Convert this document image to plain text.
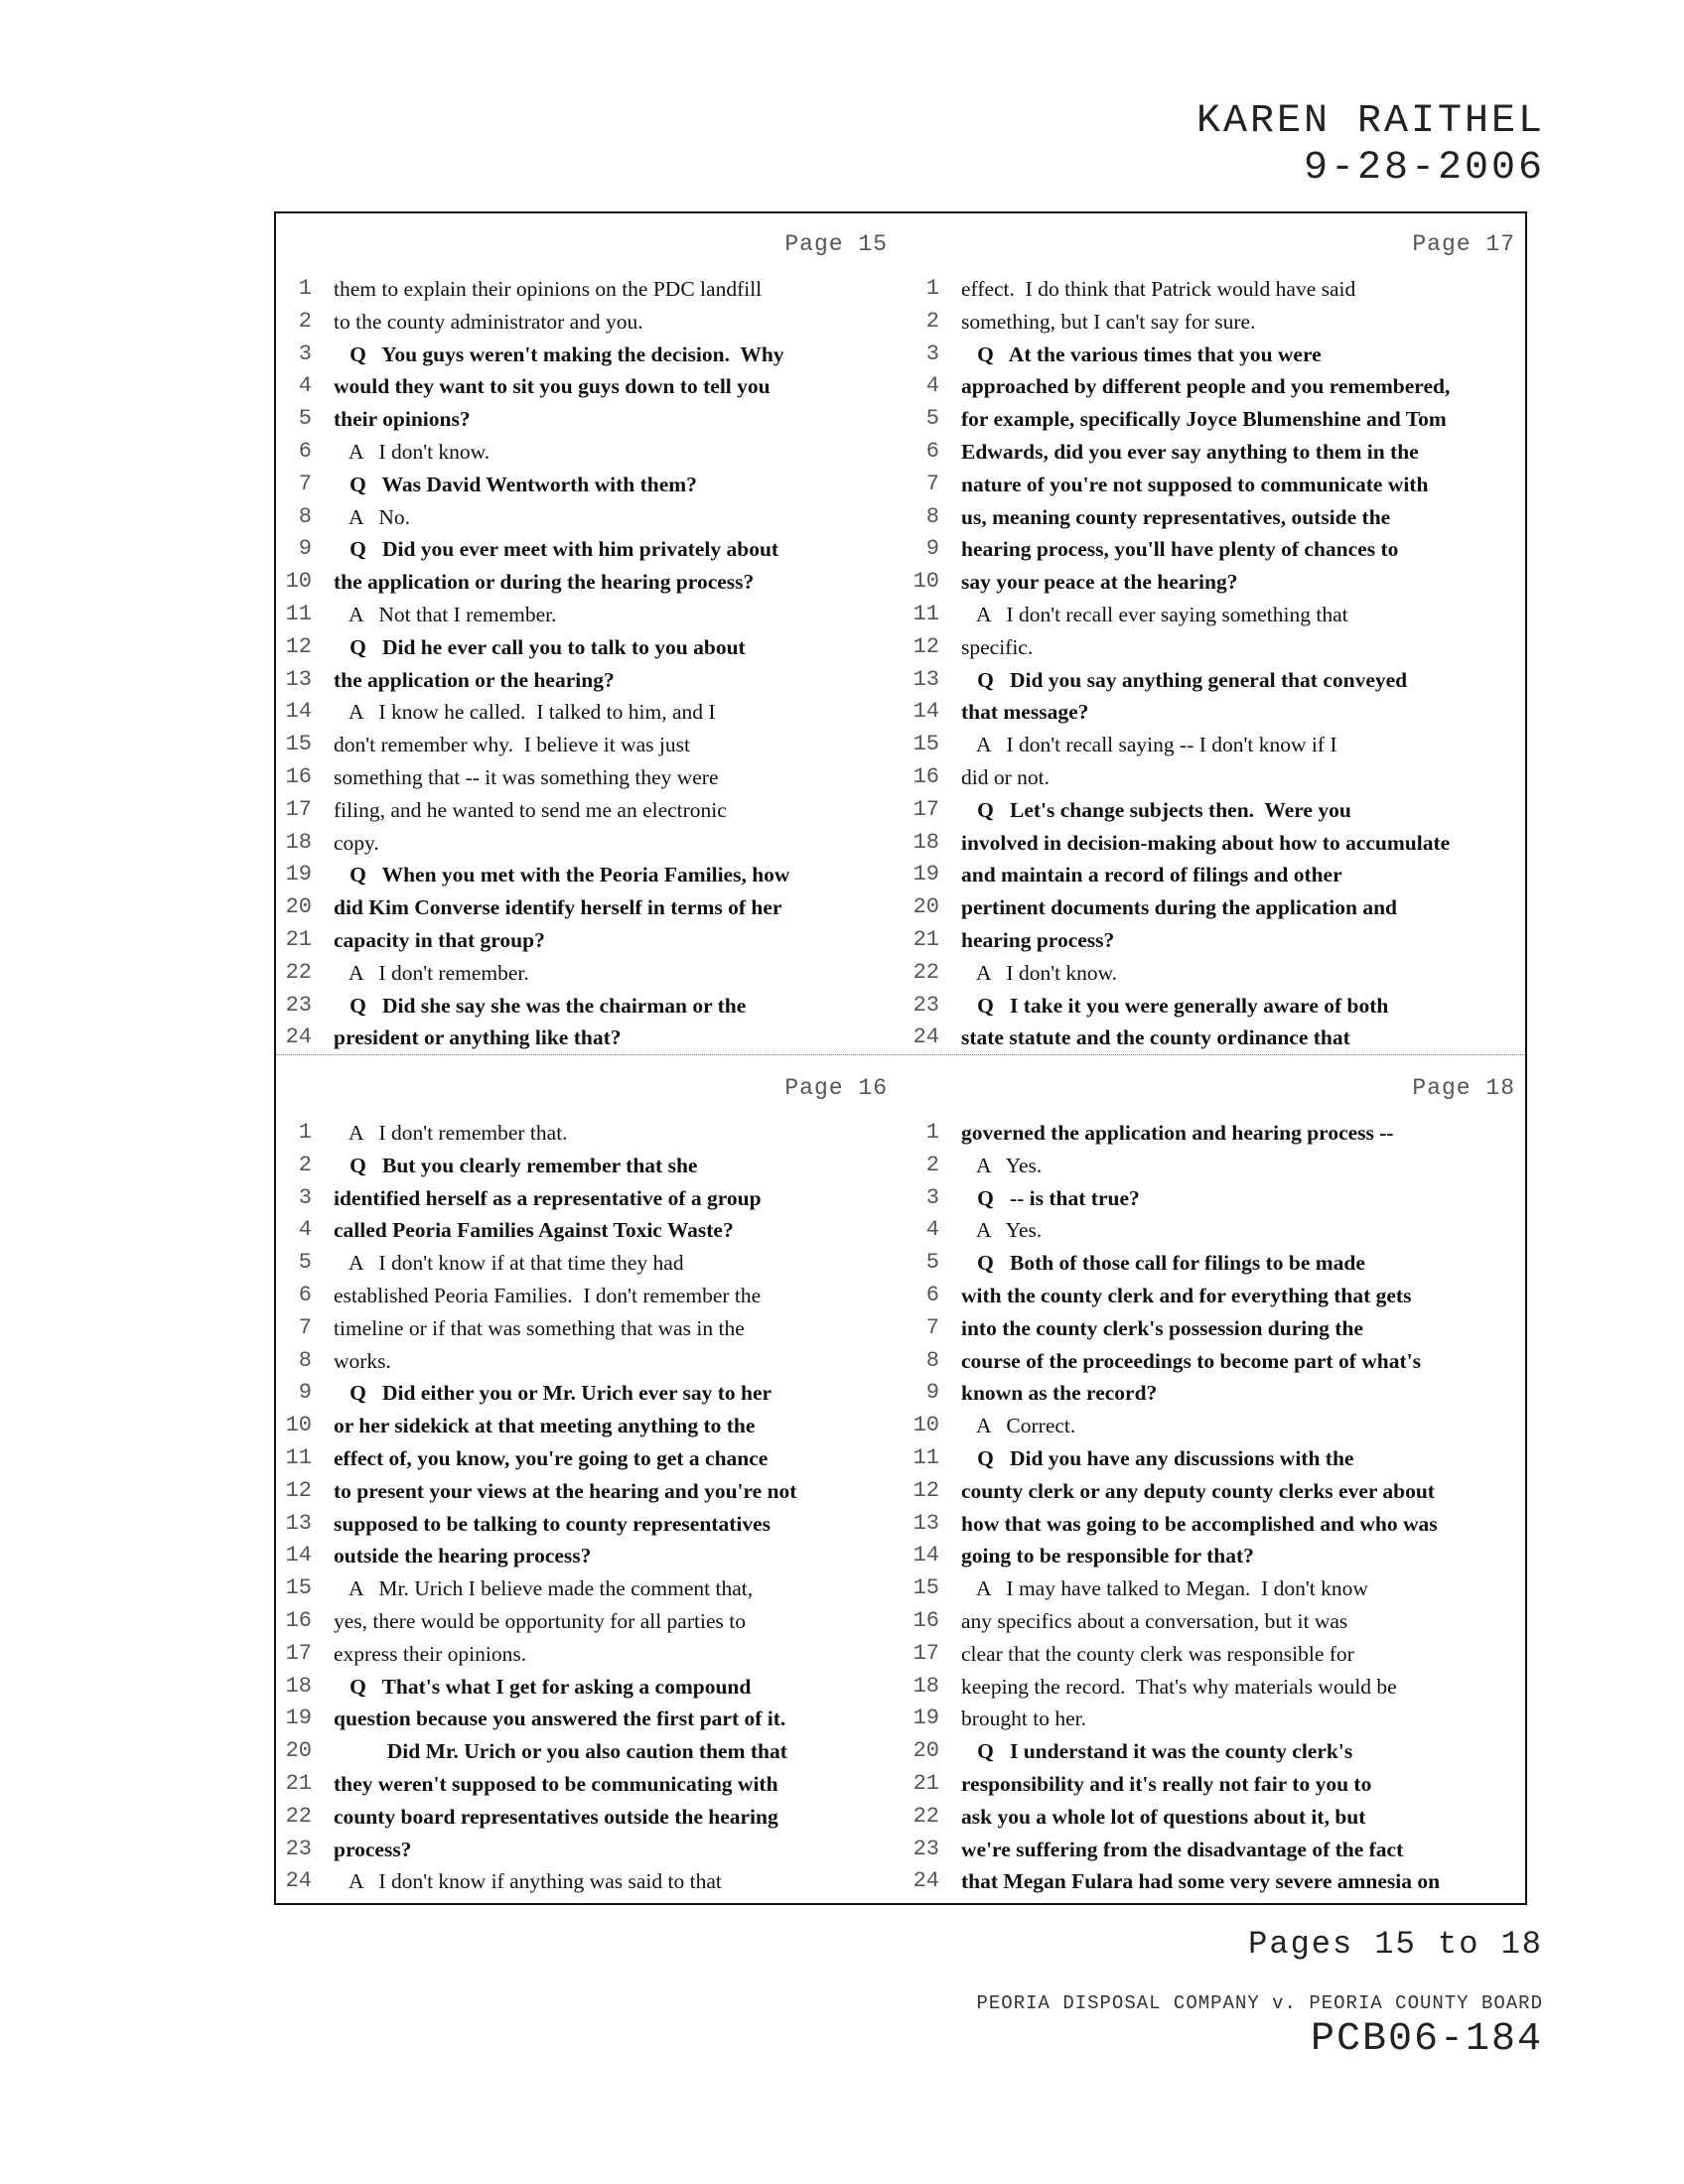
KAREN RAITHEL
9-28-2006
Page 15
1 them to explain their opinions on the PDC landfill
2 to the county administrator and you.
3 Q   You guys weren't making the decision.  Why
4 would they want to sit you guys down to tell you
5 their opinions?
6 A   I don't know.
7 Q   Was David Wentworth with them?
8 A   No.
9 Q   Did you ever meet with him privately about
10 the application or during the hearing process?
11 A   Not that I remember.
12 Q   Did he ever call you to talk to you about
13 the application or the hearing?
14 A   I know he called.  I talked to him, and I
15 don't remember why.  I believe it was just
16 something that -- it was something they were
17 filing, and he wanted to send me an electronic
18 copy.
19 Q   When you met with the Peoria Families, how
20 did Kim Converse identify herself in terms of her
21 capacity in that group?
22 A   I don't remember.
23 Q   Did she say she was the chairman or the
24 president or anything like that?
Page 17
1 effect.  I do think that Patrick would have said
2 something, but I can't say for sure.
3 Q   At the various times that you were
4 approached by different people and you remembered,
5 for example, specifically Joyce Blumenshine and Tom
6 Edwards, did you ever say anything to them in the
7 nature of you're not supposed to communicate with
8 us, meaning county representatives, outside the
9 hearing process, you'll have plenty of chances to
10 say your peace at the hearing?
11 A   I don't recall ever saying something that
12 specific.
13 Q   Did you say anything general that conveyed
14 that message?
15 A   I don't recall saying -- I don't know if I
16 did or not.
17 Q   Let's change subjects then.  Were you
18 involved in decision-making about how to accumulate
19 and maintain a record of filings and other
20 pertinent documents during the application and
21 hearing process?
22 A   I don't know.
23 Q   I take it you were generally aware of both
24 state statute and the county ordinance that
Page 16
1 A   I don't remember that.
2 Q   But you clearly remember that she
3 identified herself as a representative of a group
4 called Peoria Families Against Toxic Waste?
5 A   I don't know if at that time they had
6 established Peoria Families.  I don't remember the
7 timeline or if that was something that was in the
8 works.
9 Q   Did either you or Mr. Urich ever say to her
10 or her sidekick at that meeting anything to the
11 effect of, you know, you're going to get a chance
12 to present your views at the hearing and you're not
13 supposed to be talking to county representatives
14 outside the hearing process?
15 A   Mr. Urich I believe made the comment that,
16 yes, there would be opportunity for all parties to
17 express their opinions.
18 Q   That's what I get for asking a compound
19 question because you answered the first part of it.
20 Did Mr. Urich or you also caution them that
21 they weren't supposed to be communicating with
22 county board representatives outside the hearing
23 process?
24 A   I don't know if anything was said to that
Page 18
1 governed the application and hearing process --
2 A   Yes.
3 Q   -- is that true?
4 A   Yes.
5 Q   Both of those call for filings to be made
6 with the county clerk and for everything that gets
7 into the county clerk's possession during the
8 course of the proceedings to become part of what's
9 known as the record?
10 A   Correct.
11 Q   Did you have any discussions with the
12 county clerk or any deputy county clerks ever about
13 how that was going to be accomplished and who was
14 going to be responsible for that?
15 A   I may have talked to Megan.  I don't know
16 any specifics about a conversation, but it was
17 clear that the county clerk was responsible for
18 keeping the record.  That's why materials would be
19 brought to her.
20 Q   I understand it was the county clerk's
21 responsibility and it's really not fair to you to
22 ask you a whole lot of questions about it, but
23 we're suffering from the disadvantage of the fact
24 that Megan Fulara had some very severe amnesia on
Pages 15 to 18
PEORIA DISPOSAL COMPANY v. PEORIA COUNTY BOARD
PCB06-184
